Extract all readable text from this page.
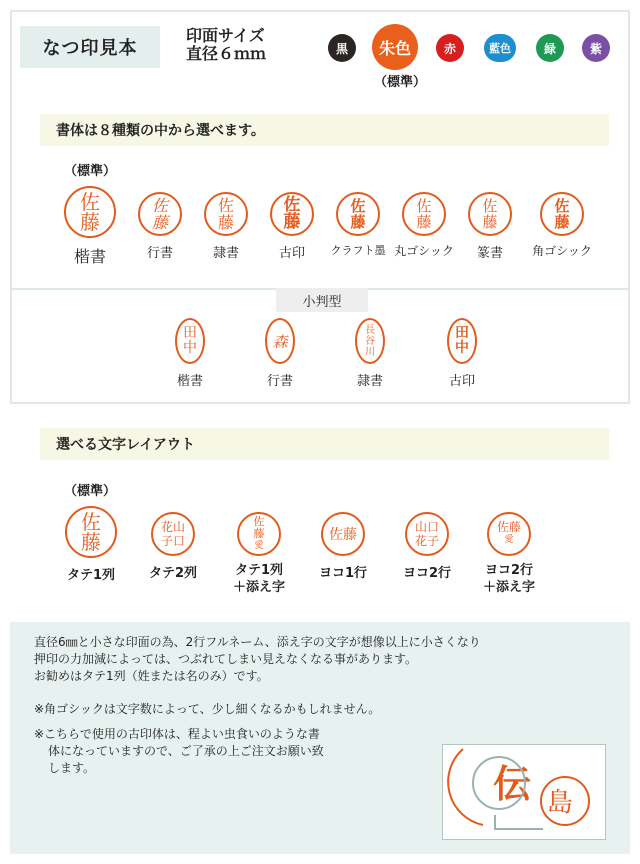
なつ印見本
印面サイズ
直径６ｍｍ	黒 朱色	赤	藍色	緑	紫
（標準）
書体は８種類の中から選べます。
（標準）
佐
藤
楷書
佐
藤
行書
佐
藤
隷書
佐
藤
古印
佐
藤
クラフト墨
佐
藤
丸ゴシック
佐
藤
篆書
佐
藤
角ゴシック
小判型
田
中
楷書
森
行書
長
谷
川
隷書
田
中
古印
選べる文字レイアウト
（標準）
佐
藤
タテ1列
花山
子口
タテ2列
佐
藤
愛
タテ1列
＋添え字
佐藤
ヨコ1行
山口
花子
ヨコ2行
佐藤
愛
ヨコ2行
＋添え字

直径6㎜と小さな印面の為、2行フルネーム、添え字の文字が想像以上に小さくなり
押印の力加減によっては、つぶれてしまい見えなくなる事があります。
お勧めはタテ1列（姓または名のみ）です。

※角ゴシックは文字数によって、少し細くなるかもしれません。

※こちらで使用の古印体は、程よい虫食いのような書
体になっていますので、ご了承の上ご注文お願い致
します。	伝 島
